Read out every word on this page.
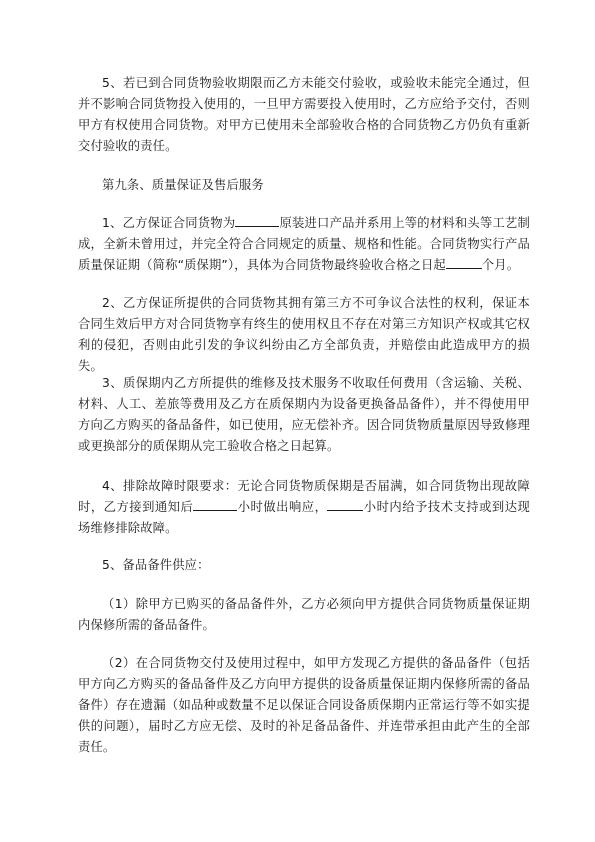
5、若已到合同货物验收期限而乙方未能交付验收，或验收未能完全通过，但并不影响合同货物投入使用的，一旦甲方需要投入使用时，乙方应给予交付，否则甲方有权使用合同货物。对甲方已使用未全部验收合格的合同货物乙方仍负有重新交付验收的责任。

第九条、质量保证及售后服务

1、乙方保证合同货物为	原装进口产品并系用上等的材料和头等工艺制成，全新未曾用过，并完全符合合同规定的质量、规格和性能。合同货物实行产品质量保证期（简称“质保期”），具体为合同货物最终验收合格之日起	个月。

2、乙方保证所提供的合同货物其拥有第三方不可争议合法性的权利，保证本合同生效后甲方对合同货物享有终生的使用权且不存在对第三方知识产权或其它权利的侵犯，否则由此引发的争议纠纷由乙方全部负责，并赔偿由此造成甲方的损失。

3、质保期内乙方所提供的维修及技术服务不收取任何费用（含运输、关税、材料、人工、差旅等费用及乙方在质保期内为设备更换备品备件），并不得使用甲方向乙方购买的备品备件，如已使用，应无偿补齐。因合同货物质量原因导致修理或更换部分的质保期从完工验收合格之日起算。

4、排除故障时限要求：无论合同货物质保期是否届满，如合同货物出现故障时，乙方接到通知后	小时做出响应，	小时内给予技术支持或到达现场维修排除故障。

5、备品备件供应：

（1）除甲方已购买的备品备件外，乙方必须向甲方提供合同货物质量保证期内保修所需的备品备件。

（2）在合同货物交付及使用过程中，如甲方发现乙方提供的备品备件（包括甲方向乙方购买的备品备件及乙方向甲方提供的设备质量保证期内保修所需的备品备件）存在遗漏（如品种或数量不足以保证合同设备质保期内正常运行等不如实提供的问题），届时乙方应无偿、及时的补足备品备件、并连带承担由此产生的全部责任。
